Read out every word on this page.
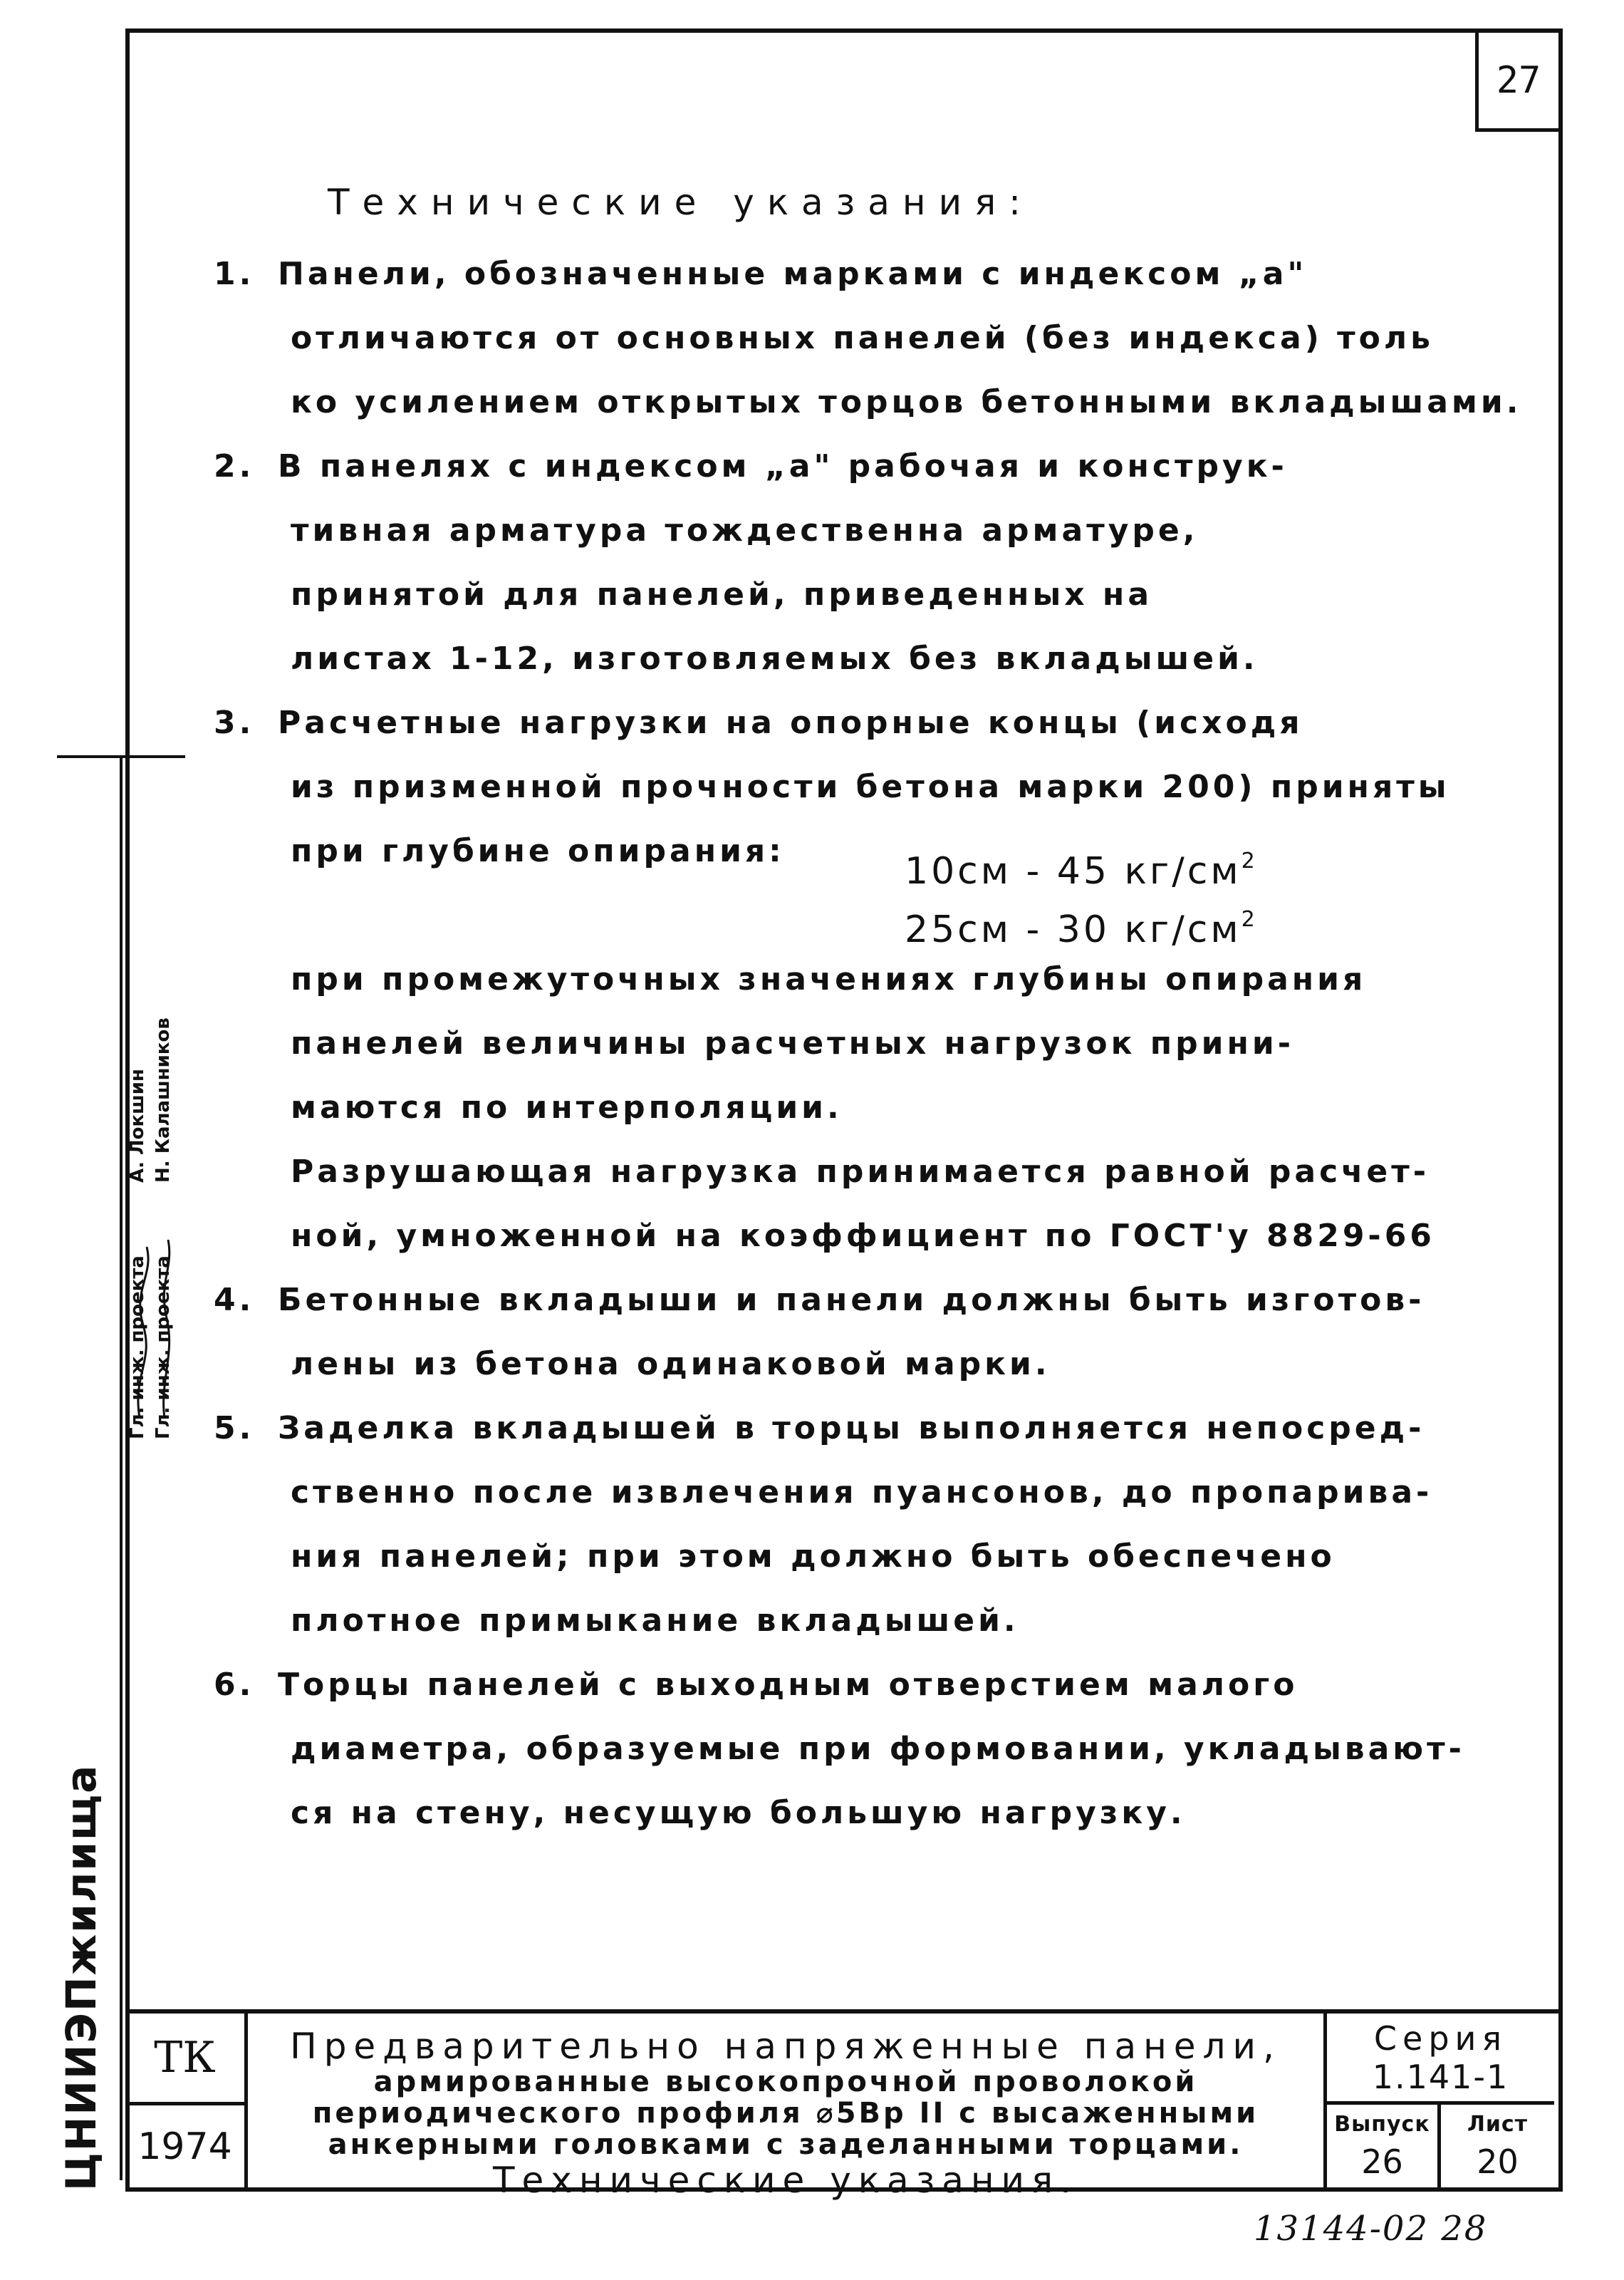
27
ЦНИИЭПжилища
Гл. инж. проекта Гл. инж. проекта
А. Локшин Н. Калашников
Технические указания:
1. Панели, обозначенные марками с индексом „а"
отличаются от основных панелей (без индекса) толь
ко усилением открытых торцов бетонными вкладышами.
2. В панелях с индексом „а" рабочая и конструк-
тивная арматура тождественна арматуре,
принятой для панелей, приведенных на
листах 1-12, изготовляемых без вкладышей.
3. Расчетные нагрузки на опорные концы (исходя
из призменной прочности бетона марки 200) приняты
при глубине опирания:
при промежуточных значениях глубины опирания
панелей величины расчетных нагрузок прини-
маются по интерполяции.
Разрушающая нагрузка принимается равной расчет-
ной, умноженной на коэффициент по ГОСТ'у 8829-66
4. Бетонные вкладыши и панели должны быть изготов-
лены из бетона одинаковой марки.
5. Заделка вкладышей в торцы выполняется непосред-
ственно после извлечения пуансонов, до пропарива-
ния панелей; при этом должно быть обеспечено
плотное примыкание вкладышей.
6. Торцы панелей с выходным отверстием малого
диаметра, образуемые при формовании, укладывают-
ся на стену, несущую большую нагрузку.
10см - 45 $кг/см^2$
25см - 30 $кг/см^2$
ТК
1974
Предварительно напряженные панели,
армированные высокопрочной проволокой
периодического профиля ⌀5Вр II с высаженными
анкерными головками с заделанными торцами.
Технические указания.
Серия
1.141-1
Выпуск
26
Лист
20
13144-02 28
